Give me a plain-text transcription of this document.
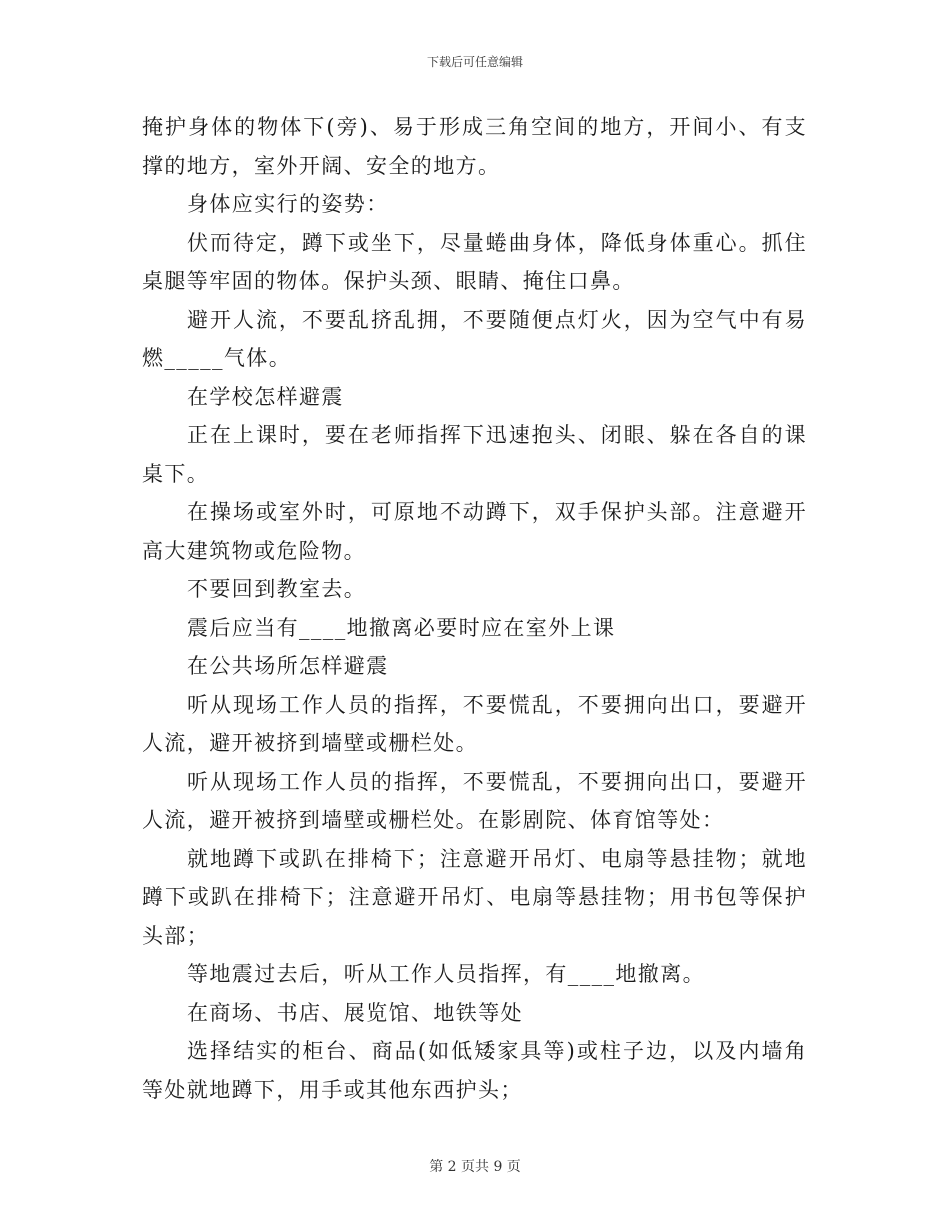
下载后可任意编辑

掩护身体的物体下(旁)、易于形成三角空间的地方，开间小、有支撑的地方，室外开阔、安全的地方。

身体应实行的姿势：

伏而待定，蹲下或坐下，尽量蜷曲身体，降低身体重心。抓住桌腿等牢固的物体。保护头颈、眼睛、掩住口鼻。

避开人流，不要乱挤乱拥，不要随便点灯火，因为空气中有易燃_____气体。

在学校怎样避震

正在上课时，要在老师指挥下迅速抱头、闭眼、躲在各自的课桌下。

在操场或室外时，可原地不动蹲下，双手保护头部。注意避开高大建筑物或危险物。

不要回到教室去。

震后应当有____地撤离必要时应在室外上课

在公共场所怎样避震

听从现场工作人员的指挥，不要慌乱，不要拥向出口，要避开人流，避开被挤到墙壁或栅栏处。

听从现场工作人员的指挥，不要慌乱，不要拥向出口，要避开人流，避开被挤到墙壁或栅栏处。在影剧院、体育馆等处：

就地蹲下或趴在排椅下；注意避开吊灯、电扇等悬挂物；就地蹲下或趴在排椅下；注意避开吊灯、电扇等悬挂物；用书包等保护头部；

等地震过去后，听从工作人员指挥，有____地撤离。

在商场、书店、展览馆、地铁等处

选择结实的柜台、商品(如低矮家具等)或柱子边，以及内墙角等处就地蹲下，用手或其他东西护头；

第 2 页共 9 页
